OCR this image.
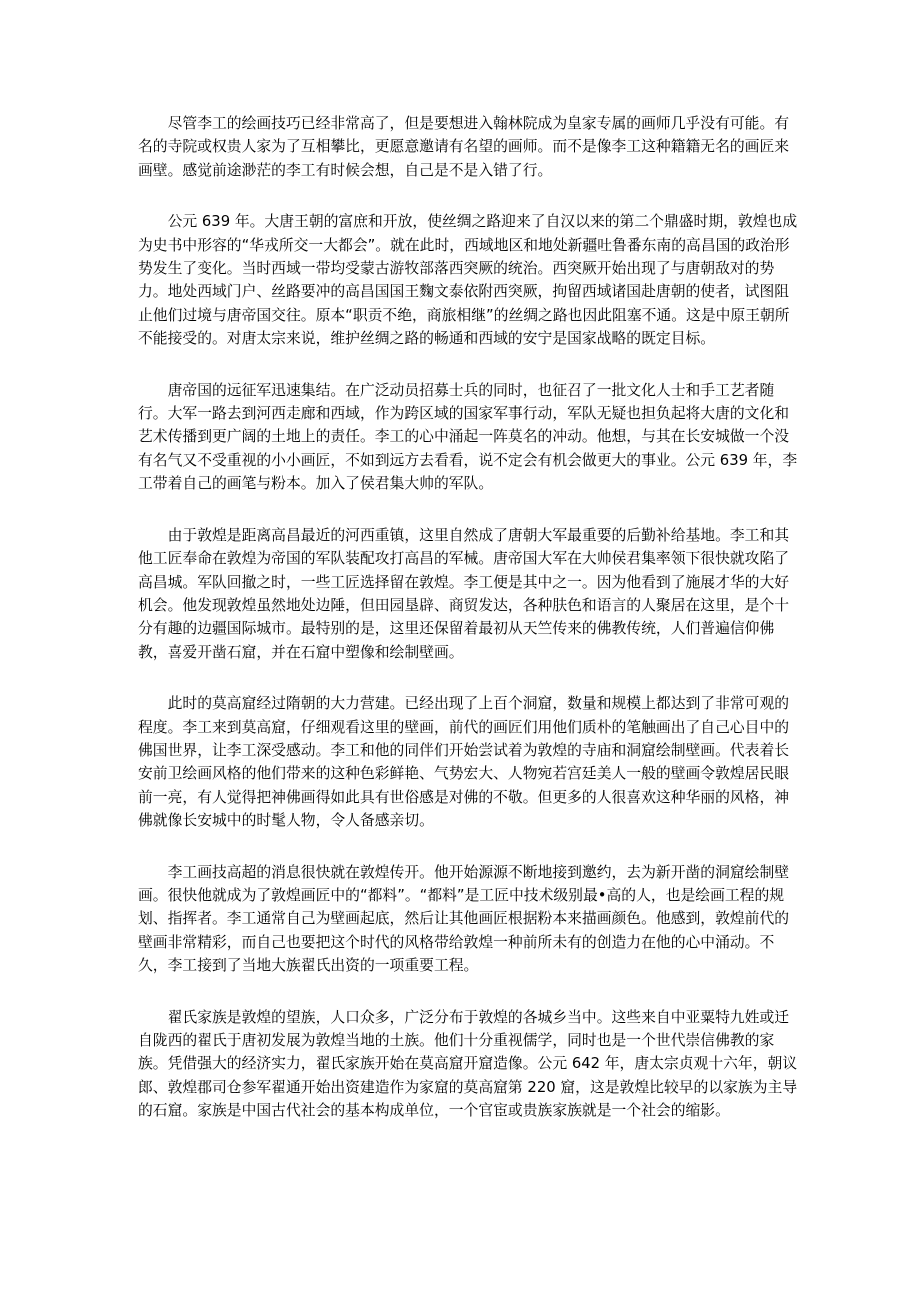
尽管李工的绘画技巧已经非常高了，但是要想进入翰林院成为皇家专属的画师几乎没有可能。有名的寺院或权贵人家为了互相攀比，更愿意邀请有名望的画师。而不是像李工这种籍籍无名的画匠来画壁。感觉前途渺茫的李工有时候会想，自己是不是入错了行。

公元 639 年。大唐王朝的富庶和开放，使丝绸之路迎来了自汉以来的第二个鼎盛时期，敦煌也成为史书中形容的“华戎所交一大都会”。就在此时，西域地区和地处新疆吐鲁番东南的高昌国的政治形势发生了变化。当时西域一带均受蒙古游牧部落西突厥的统治。西突厥开始出现了与唐朝敌对的势力。地处西域门户、丝路要冲的高昌国国王麴文泰依附西突厥，拘留西域诸国赴唐朝的使者，试图阻止他们过境与唐帝国交往。原本“职贡不绝，商旅相继”的丝绸之路也因此阻塞不通。这是中原王朝所不能接受的。对唐太宗来说，维护丝绸之路的畅通和西域的安宁是国家战略的既定目标。

唐帝国的远征军迅速集结。在广泛动员招募士兵的同时，也征召了一批文化人士和手工艺者随行。大军一路去到河西走廊和西域，作为跨区域的国家军事行动，军队无疑也担负起将大唐的文化和艺术传播到更广阔的土地上的责任。李工的心中涌起一阵莫名的冲动。他想，与其在长安城做一个没有名气又不受重视的小小画匠，不如到远方去看看，说不定会有机会做更大的事业。公元 639 年，李工带着自己的画笔与粉本。加入了侯君集大帅的军队。

由于敦煌是距离高昌最近的河西重镇，这里自然成了唐朝大军最重要的后勤补给基地。李工和其他工匠奉命在敦煌为帝国的军队装配攻打高昌的军械。唐帝国大军在大帅侯君集率领下很快就攻陷了高昌城。军队回撤之时，一些工匠选择留在敦煌。李工便是其中之一。因为他看到了施展才华的大好机会。他发现敦煌虽然地处边陲，但田园垦辟、商贸发达，各种肤色和语言的人聚居在这里，是个十分有趣的边疆国际城市。最特别的是，这里还保留着最初从天竺传来的佛教传统，人们普遍信仰佛教，喜爱开凿石窟，并在石窟中塑像和绘制壁画。

此时的莫高窟经过隋朝的大力营建。已经出现了上百个洞窟，数量和规模上都达到了非常可观的程度。李工来到莫高窟，仔细观看这里的壁画，前代的画匠们用他们质朴的笔触画出了自己心目中的佛国世界，让李工深受感动。李工和他的同伴们开始尝试着为敦煌的寺庙和洞窟绘制壁画。代表着长安前卫绘画风格的他们带来的这种色彩鲜艳、气势宏大、人物宛若宫廷美人一般的壁画令敦煌居民眼前一亮，有人觉得把神佛画得如此具有世俗感是对佛的不敬。但更多的人很喜欢这种华丽的风格，神佛就像长安城中的时髦人物，令人备感亲切。

李工画技高超的消息很快就在敦煌传开。他开始源源不断地接到邀约，去为新开凿的洞窟绘制壁画。很快他就成为了敦煌画匠中的“都料”。“都料”是工匠中技术级别最•高的人，也是绘画工程的规划、指挥者。李工通常自己为壁画起底，然后让其他画匠根据粉本来描画颜色。他感到，敦煌前代的壁画非常精彩，而自己也要把这个时代的风格带给敦煌一种前所未有的创造力在他的心中涌动。不久，李工接到了当地大族翟氏出资的一项重要工程。

翟氏家族是敦煌的望族，人口众多，广泛分布于敦煌的各城乡当中。这些来自中亚粟特九姓或迁自陇西的翟氏于唐初发展为敦煌当地的土族。他们十分重视儒学，同时也是一个世代崇信佛教的家族。凭借强大的经济实力，翟氏家族开始在莫高窟开窟造像。公元 642 年，唐太宗贞观十六年，朝议郎、敦煌郡司仓参军翟通开始出资建造作为家窟的莫高窟第 220 窟，这是敦煌比较早的以家族为主导的石窟。家族是中国古代社会的基本构成单位，一个官宦或贵族家族就是一个社会的缩影。
